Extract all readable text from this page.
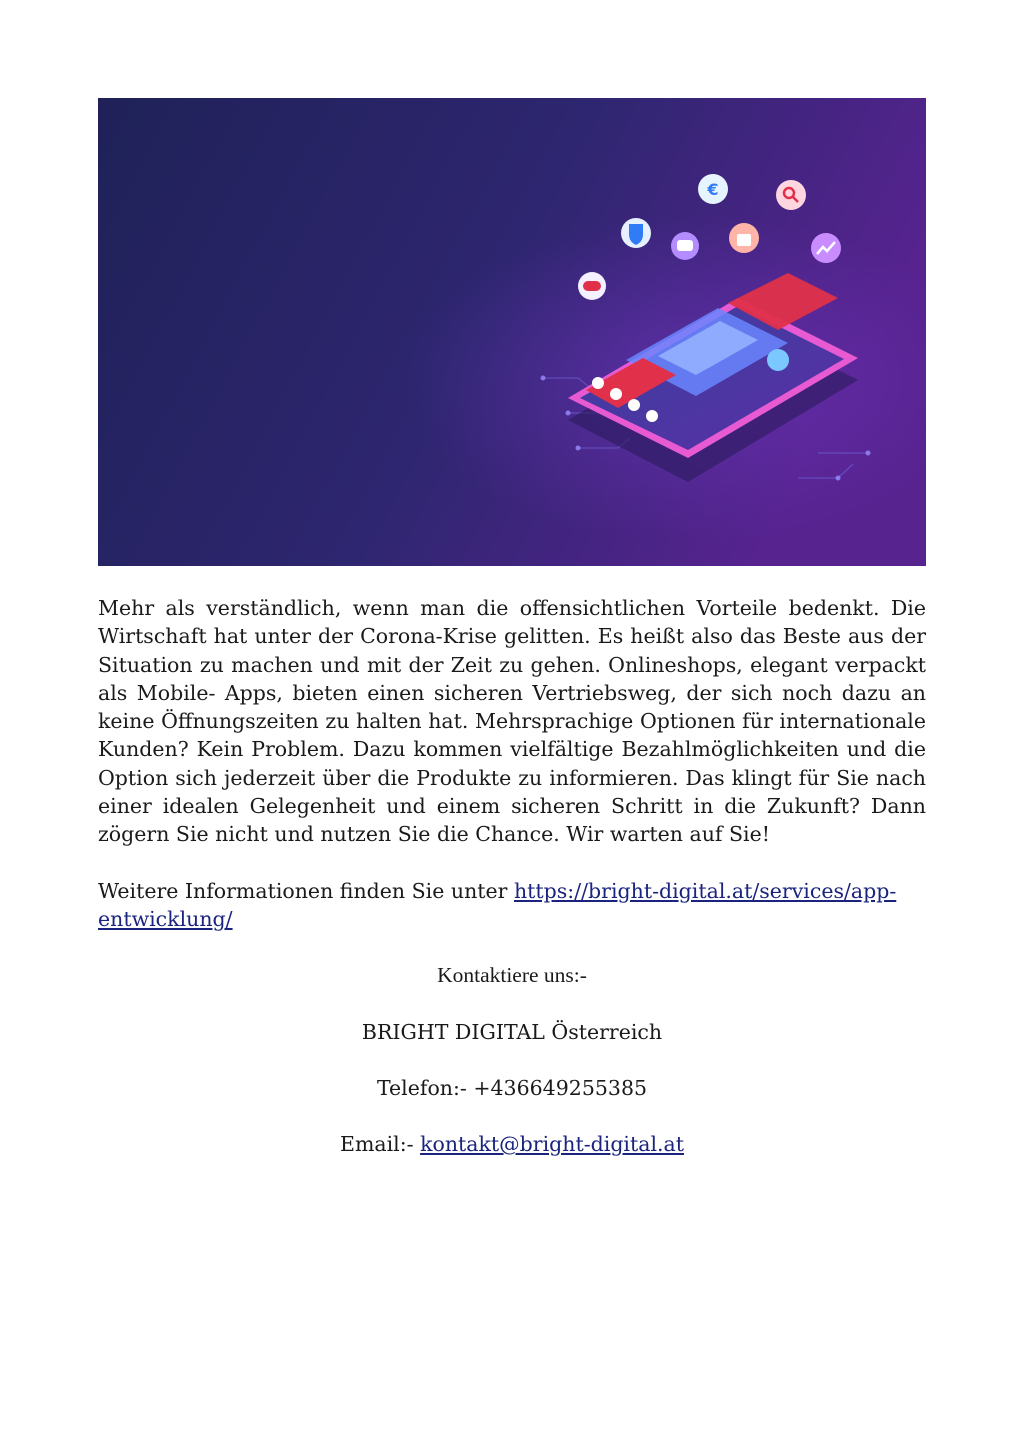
€

Mehr als verständlich, wenn man die offensichtlichen Vorteile bedenkt. Die Wirtschaft hat unter der Corona-Krise gelitten. Es heißt also das Beste aus der Situation zu machen und mit der Zeit zu gehen. Onlineshops, elegant verpackt als Mobile- Apps, bieten einen sicheren Vertriebsweg, der sich noch dazu an keine Öffnungszeiten zu halten hat. Mehrsprachige Optionen für internationale Kunden? Kein Problem. Dazu kommen vielfältige Bezahlmöglichkeiten und die Option sich jederzeit über die Produkte zu informieren. Das klingt für Sie nach einer idealen Gelegenheit und einem sicheren Schritt in die Zukunft? Dann zögern Sie nicht und nutzen Sie die Chance. Wir warten auf Sie!

Weitere Informationen finden Sie unter https://bright-digital.at/services/app-entwicklung/

Kontaktiere uns:-

BRIGHT DIGITAL Österreich

Telefon:- +436649255385

Email:- kontakt@bright-digital.at
